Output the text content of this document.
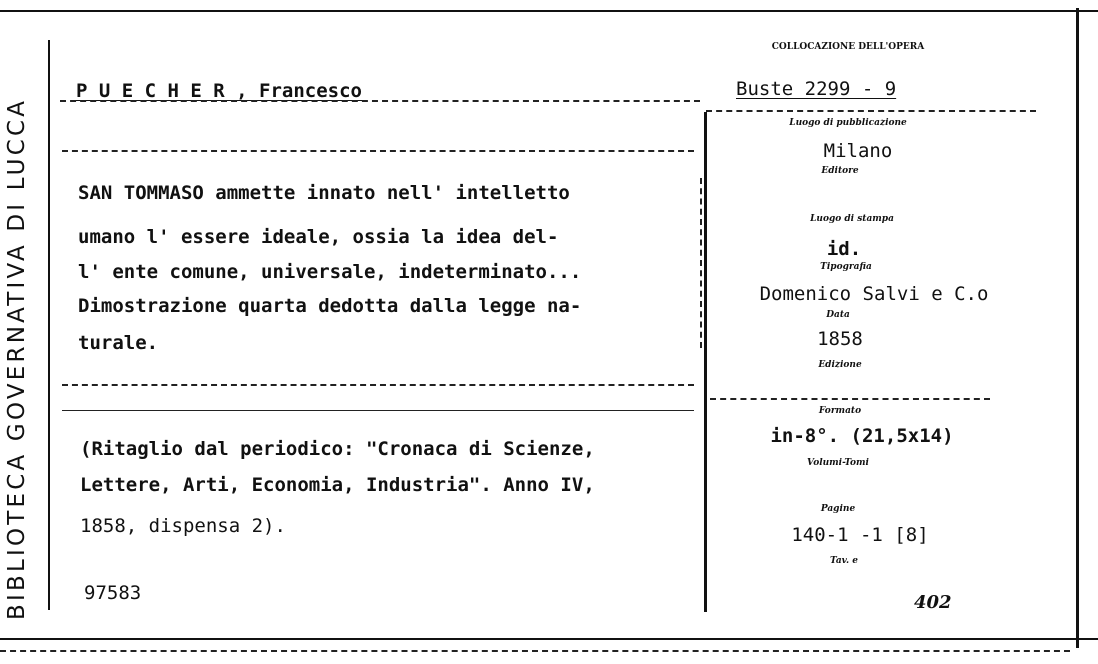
BIBLIOTECA GOVERNATIVA DI LUCCA
P U E C H E R , Francesco
COLLOCAZIONE DELL'OPERA
Buste 2299 - 9
SAN TOMMASO ammette innato nell' intelletto
umano l' essere ideale, ossia la idea del-
l' ente comune, universale, indeterminato...
Dimostrazione quarta dedotta dalla legge na-
turale.
(Ritaglio dal periodico: "Cronaca di Scienze,
Lettere, Arti, Economia, Industria". Anno IV,
1858, dispensa 2).
97583
Luogo di pubblicazione
Milano
Editore
Luogo di stampa
id.
Tipografia
Domenico Salvi e C.o
Data
1858
Edizione
Formato
in-8°. (21,5x14)
Volumi-Tomi
Pagine
140-1 -1 [8]
Tav. e
402
